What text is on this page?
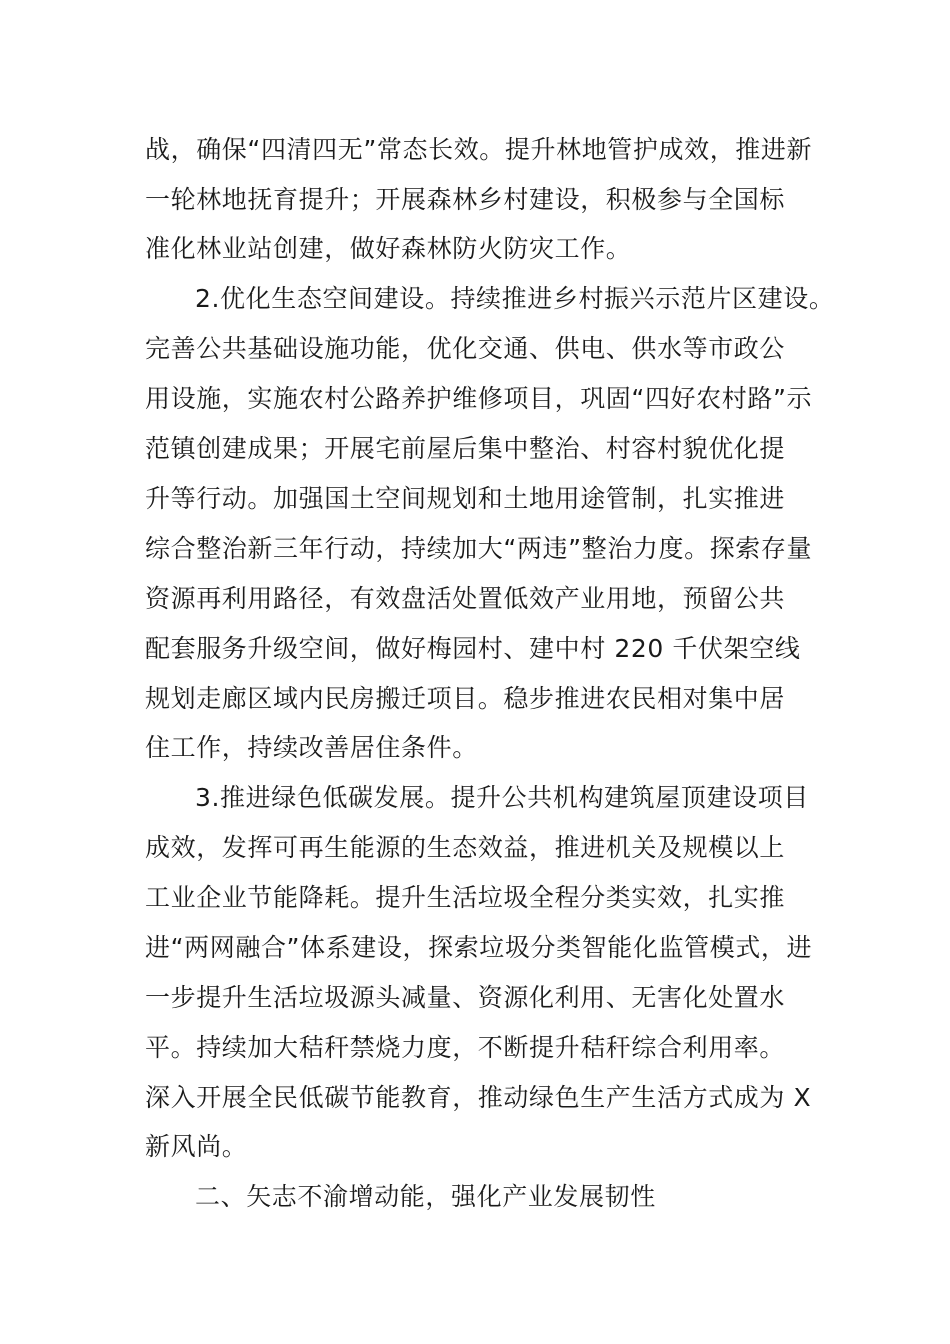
战，确保“四清四无”常态长效。提升林地管护成效，推进新
一轮林地抚育提升；开展森林乡村建设，积极参与全国标
准化林业站创建，做好森林防火防灾工作。
2.优化生态空间建设。持续推进乡村振兴示范片区建设。
完善公共基础设施功能，优化交通、供电、供水等市政公
用设施，实施农村公路养护维修项目，巩固“四好农村路”示
范镇创建成果；开展宅前屋后集中整治、村容村貌优化提
升等行动。加强国土空间规划和土地用途管制，扎实推进
综合整治新三年行动，持续加大“两违”整治力度。探索存量
资源再利用路径，有效盘活处置低效产业用地，预留公共
配套服务升级空间，做好梅园村、建中村 220 千伏架空线
规划走廊区域内民房搬迁项目。稳步推进农民相对集中居
住工作，持续改善居住条件。
3.推进绿色低碳发展。提升公共机构建筑屋顶建设项目
成效，发挥可再生能源的生态效益，推进机关及规模以上
工业企业节能降耗。提升生活垃圾全程分类实效，扎实推
进“两网融合”体系建设，探索垃圾分类智能化监管模式，进
一步提升生活垃圾源头减量、资源化利用、无害化处置水
平。持续加大秸秆禁烧力度，不断提升秸秆综合利用率。
深入开展全民低碳节能教育，推动绿色生产生活方式成为 X
新风尚。
二、矢志不渝增动能，强化产业发展韧性
